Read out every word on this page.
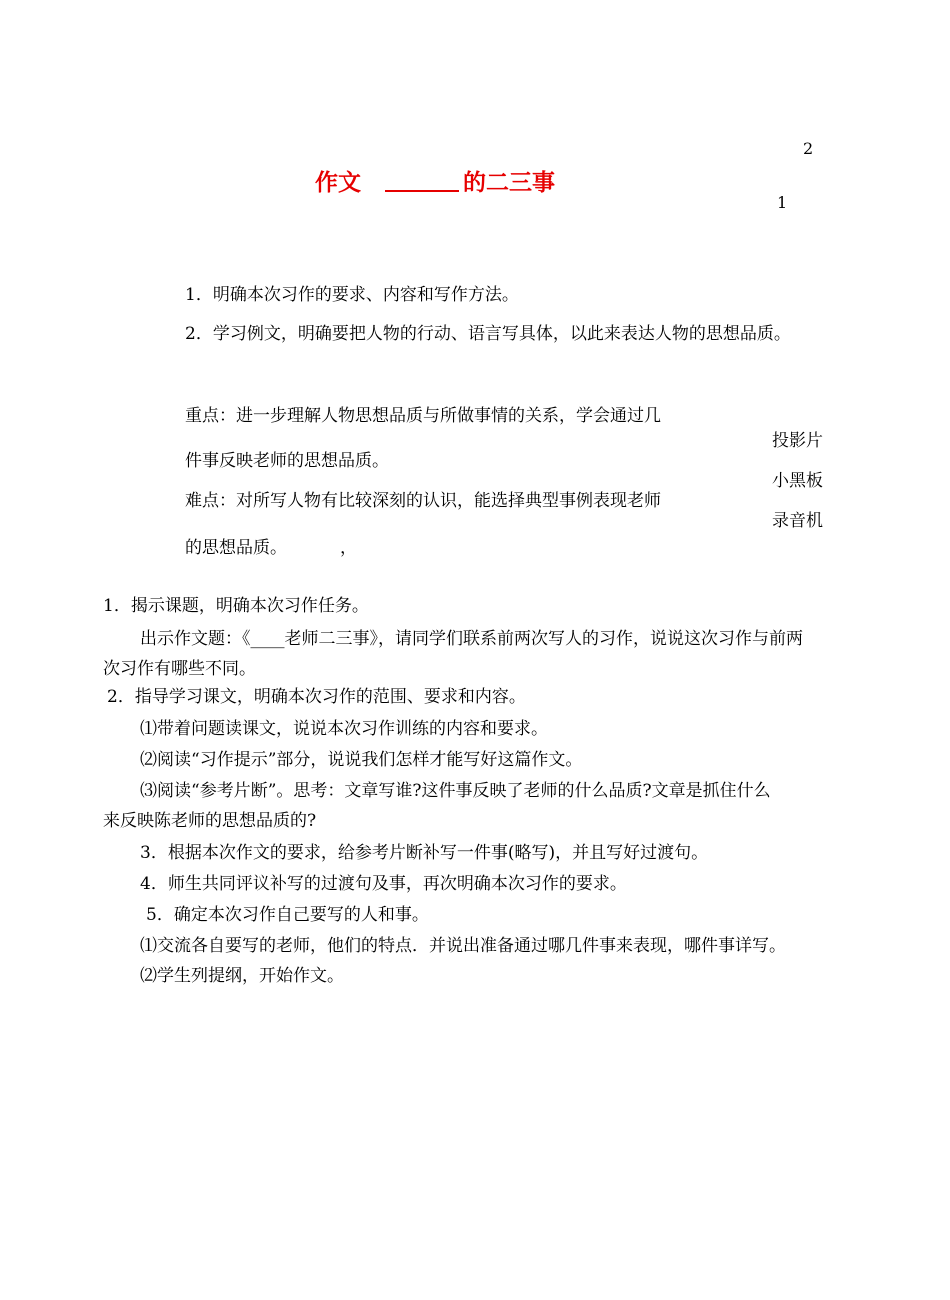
作文	的二三事
2
1
1．明确本次习作的要求、内容和写作方法。
2．学习例文，明确要把人物的行动、语言写具体，以此来表达人物的思想品质。
重点：进一步理解人物思想品质与所做事情的关系，学会通过几
件事反映老师的思想品质。
难点：对所写人物有比较深刻的认识，能选择典型事例表现老师
的思想品质。	，
投影片
小黑板
录音机
1．揭示课题，明确本次习作任务。
出示作文题：《____老师二三事》，请同学们联系前两次写人的习作，说说这次习作与前两
次习作有哪些不同。
2．指导学习课文，明确本次习作的范围、要求和内容。
⑴带着问题读课文，说说本次习作训练的内容和要求。
⑵阅读“习作提示”部分，说说我们怎样才能写好这篇作文。
⑶阅读“参考片断”。思考：文章写谁?这件事反映了老师的什么品质?文章是抓住什么
来反映陈老师的思想品质的?
3．根据本次作文的要求，给参考片断补写一件事(略写)，并且写好过渡句。
4．师生共同评议补写的过渡句及事，再次明确本次习作的要求。
5．确定本次习作自己要写的人和事。
⑴交流各自要写的老师，他们的特点．并说出准备通过哪几件事来表现，哪件事详写。
⑵学生列提纲，开始作文。
